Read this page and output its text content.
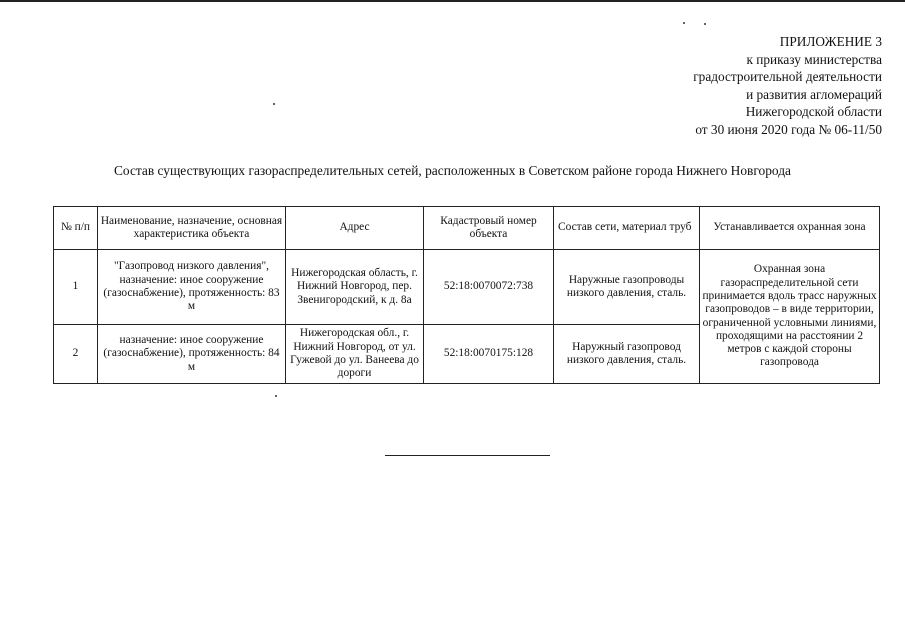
ПРИЛОЖЕНИЕ 3
к приказу министерства
градостроительной деятельности
и развития агломераций
Нижегородской области
от 30 июня 2020 года № 06-11/50
Состав существующих газораспределительных сетей, расположенных в Советском районе города Нижнего Новгорода
№ п/п	Наименование, назначение, основная характеристика объекта	Адрес	Кадастровый номер объекта	Состав сети, материал труб	Устанавливается охранная зона
1	"Газопровод низкого давления", назначение: иное сооружение (газоснабжение), протяженность: 83 м	Нижегородская область, г. Нижний Новгород, пер. Звенигородский, к д. 8а	52:18:0070072:738	Наружные газопроводы низкого давления, сталь.	Охранная зона газораспределительной сети принимается вдоль трасс наружных газопроводов – в виде территории, ограниченной условными линиями, проходящими на расстоянии 2 метров с каждой стороны газопровода
2	назначение: иное сооружение (газоснабжение), протяженность: 84 м	Нижегородская обл., г. Нижний Новгород, от ул. Гужевой до ул. Ванеева до дороги	52:18:0070175:128	Наружный газопровод низкого давления, сталь.	
